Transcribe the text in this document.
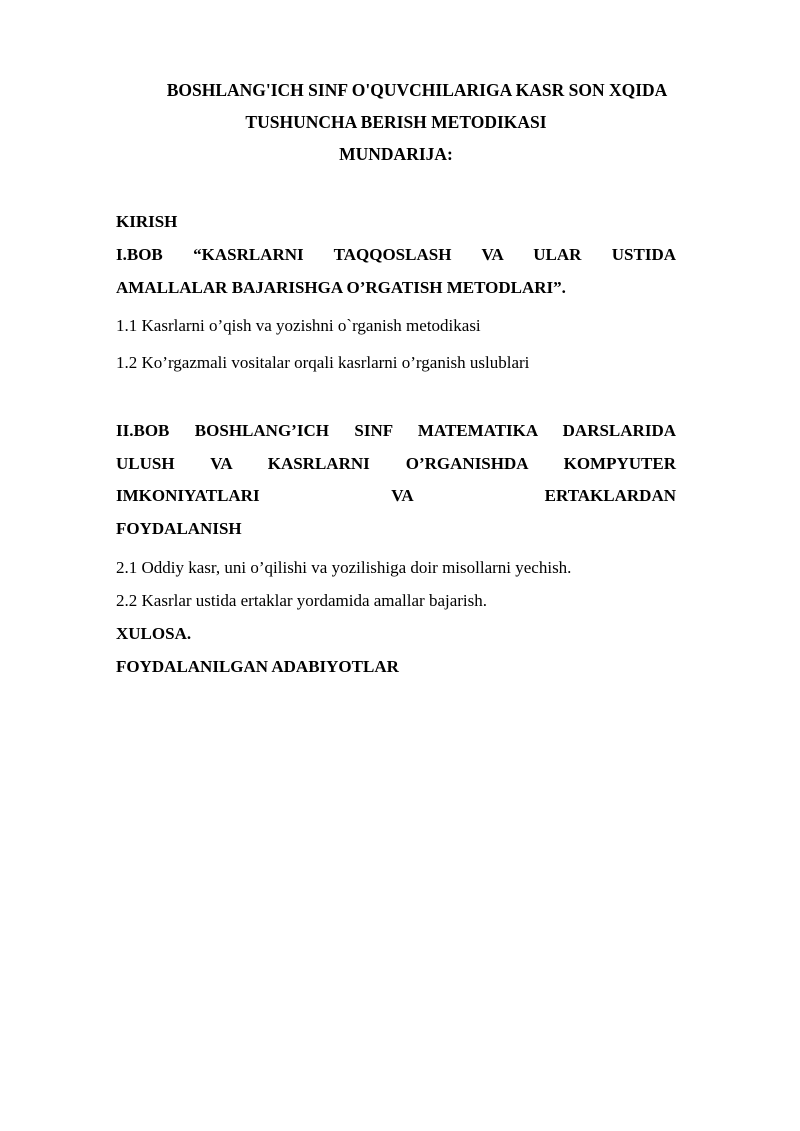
BOSHLANG'ICH SINF O'QUVCHILARIGA KASR SON XQIDA
TUSHUNCHA BERISH METODIKASI
MUNDARIJA:
KIRISH
I.BOB “KASRLARNI TAQQOSLASH VA ULAR USTIDA
AMALLALAR BAJARISHGA O’RGATISH METODLARI”.
1.1 Kasrlarni o’qish va yozishni o`rganish metodikasi
1.2 Ko’rgazmali vositalar orqali kasrlarni o’rganish uslublari
II.BOB BOSHLANG’ICH SINF MATEMATIKA DARSLARIDA
ULUSH VA KASRLARNI O’RGANISHDA KOMPYUTER
IMKONIYATLARI VA ERTAKLARDAN
FOYDALANISH
2.1 Oddiy kasr, uni o’qilishi va yozilishiga doir misollarni yechish.
2.2 Kasrlar ustida ertaklar yordamida amallar bajarish.
XULOSA.
FOYDALANILGAN ADABIYOTLAR
